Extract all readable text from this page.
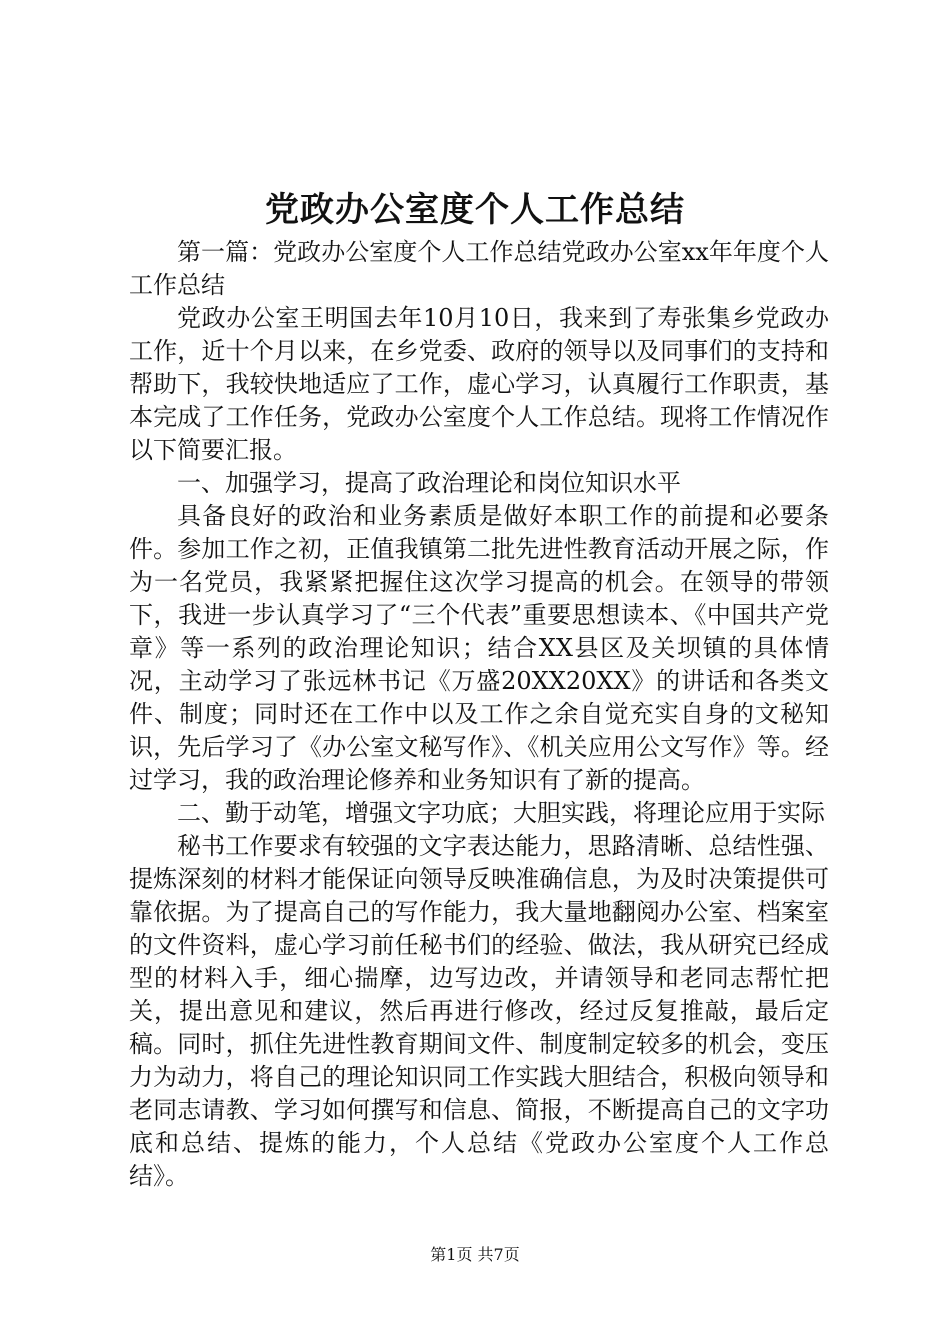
党政办公室度个人工作总结

第一篇：党政办公室度个人工作总结党政办公室xx年年度个人工作总结

党政办公室王明国去年10月10日，我来到了寿张集乡党政办工作，近十个月以来，在乡党委、政府的领导以及同事们的支持和帮助下，我较快地适应了工作，虚心学习，认真履行工作职责，基本完成了工作任务，党政办公室度个人工作总结。现将工作情况作以下简要汇报。

一、加强学习，提高了政治理论和岗位知识水平

具备良好的政治和业务素质是做好本职工作的前提和必要条件。参加工作之初，正值我镇第二批先进性教育活动开展之际，作为一名党员，我紧紧把握住这次学习提高的机会。在领导的带领下，我进一步认真学习了“三个代表”重要思想读本、《中国共产党章》等一系列的政治理论知识；结合XX县区及关坝镇的具体情况，主动学习了张远林书记《万盛20XX20XX》的讲话和各类文件、制度；同时还在工作中以及工作之余自觉充实自身的文秘知识，先后学习了《办公室文秘写作》、《机关应用公文写作》等。经过学习，我的政治理论修养和业务知识有了新的提高。

二、勤于动笔，增强文字功底；大胆实践，将理论应用于实际

秘书工作要求有较强的文字表达能力，思路清晰、总结性强、提炼深刻的材料才能保证向领导反映准确信息，为及时决策提供可靠依据。为了提高自己的写作能力，我大量地翻阅办公室、档案室的文件资料，虚心学习前任秘书们的经验、做法，我从研究已经成型的材料入手，细心揣摩，边写边改，并请领导和老同志帮忙把关，提出意见和建议，然后再进行修改，经过反复推敲，最后定稿。同时，抓住先进性教育期间文件、制度制定较多的机会，变压力为动力，将自己的理论知识同工作实践大胆结合，积极向领导和老同志请教、学习如何撰写和信息、简报，不断提高自己的文字功底和总结、提炼的能力，个人总结《党政办公室度个人工作总结》。

第1页 共7页
